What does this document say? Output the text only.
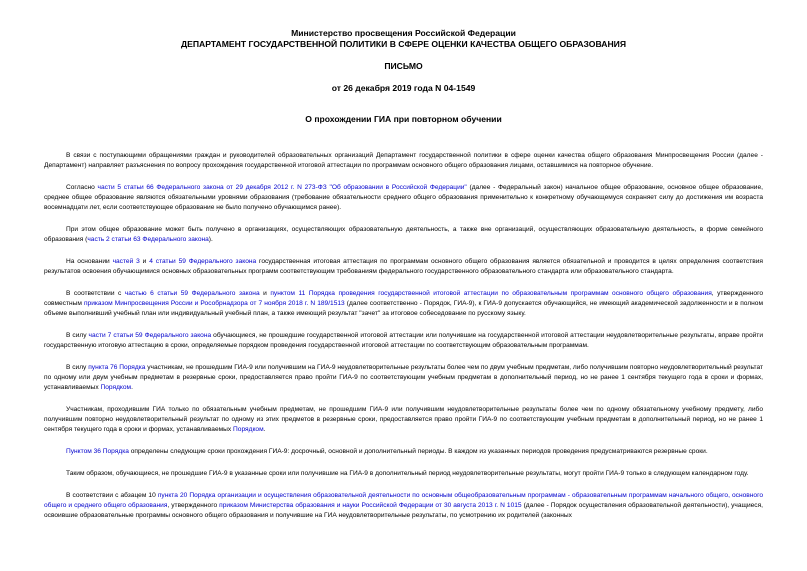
Министерство просвещения Российской Федерации
ДЕПАРТАМЕНТ ГОСУДАРСТВЕННОЙ ПОЛИТИКИ В СФЕРЕ ОЦЕНКИ КАЧЕСТВА ОБЩЕГО ОБРАЗОВАНИЯ
ПИСЬМО
от 26 декабря 2019 года N 04-1549
О прохождении ГИА при повторном обучении

В связи с поступающими обращениями граждан и руководителей образовательных организаций Департамент государственной политики в сфере оценки качества общего образования Минпросвещения России (далее - Департамент) направляет разъяснения по вопросу прохождения государственной итоговой аттестации по программам основного общего образования лицами, оставшимися на повторное обучение.

Согласно части 5 статьи 66 Федерального закона от 29 декабря 2012 г. N 273-ФЗ "Об образовании в Российской Федерации" (далее - Федеральный закон) начальное общее образование, основное общее образование, среднее общее образование являются обязательными уровнями образования (требование обязательности среднего общего образования применительно к конкретному обучающемуся сохраняет силу до достижения им возраста восемнадцати лет, если соответствующее образование не было получено обучающимся ранее).

При этом общее образование может быть получено в организациях, осуществляющих образовательную деятельность, а также вне организаций, осуществляющих образовательную деятельность, в форме семейного образования (часть 2 статьи 63 Федерального закона).

На основании частей 3 и 4 статьи 59 Федерального закона государственная итоговая аттестация по программам основного общего образования является обязательной и проводится в целях определения соответствия результатов освоения обучающимися основных образовательных программ соответствующим требованиям федерального государственного образовательного стандарта или образовательного стандарта.

В соответствии с частью 6 статьи 59 Федерального закона и пунктом 11 Порядка проведения государственной итоговой аттестации по образовательным программам основного общего образования, утвержденного совместным приказом Минпросвещения России и Рособрнадзора от 7 ноября 2018 г. N 189/1513 (далее соответственно - Порядок, ГИА-9), к ГИА-9 допускается обучающийся, не имеющий академической задолженности и в полном объеме выполнивший учебный план или индивидуальный учебный план, а также имеющий результат "зачет" за итоговое собеседование по русскому языку.

В силу части 7 статьи 59 Федерального закона обучающиеся, не прошедшие государственной итоговой аттестации или получившие на государственной итоговой аттестации неудовлетворительные результаты, вправе пройти государственную итоговую аттестацию в сроки, определяемые порядком проведения государственной итоговой аттестации по соответствующим образовательным программам.

В силу пункта 76 Порядка участникам, не прошедшим ГИА-9 или получившим на ГИА-9 неудовлетворительные результаты более чем по двум учебным предметам, либо получившим повторно неудовлетворительный результат по одному или двум учебным предметам в резервные сроки, предоставляется право пройти ГИА-9 по соответствующим учебным предметам в дополнительный период, но не ранее 1 сентября текущего года в сроки и формах, устанавливаемых Порядком.

Участникам, проходившим ГИА только по обязательным учебным предметам, не прошедшим ГИА-9 или получившим неудовлетворительные результаты более чем по одному обязательному учебному предмету, либо получившим повторно неудовлетворительный результат по одному из этих предметов в резервные сроки, предоставляется право пройти ГИА-9 по соответствующим учебным предметам в дополнительный период, но не ранее 1 сентября текущего года в сроки и формах, устанавливаемых Порядком.

Пунктом 36 Порядка определены следующие сроки прохождения ГИА-9: досрочный, основной и дополнительный периоды. В каждом из указанных периодов проведения предусматриваются резервные сроки.

Таким образом, обучающиеся, не прошедшие ГИА-9 в указанные сроки или получившие на ГИА-9 в дополнительный период неудовлетворительные результаты, могут пройти ГИА-9 только в следующем календарном году.

В соответствии с абзацем 10 пункта 20 Порядка организации и осуществления образовательной деятельности по основным общеобразовательным программам - образовательным программам начального общего, основного общего и среднего общего образования, утвержденного приказом Министерства образования и науки Российской Федерации от 30 августа 2013 г. N 1015 (далее - Порядок осуществления образовательной деятельности), учащиеся, освоившие образовательные программы основного общего образования и получившие на ГИА неудовлетворительные результаты, по усмотрению их родителей (законных
